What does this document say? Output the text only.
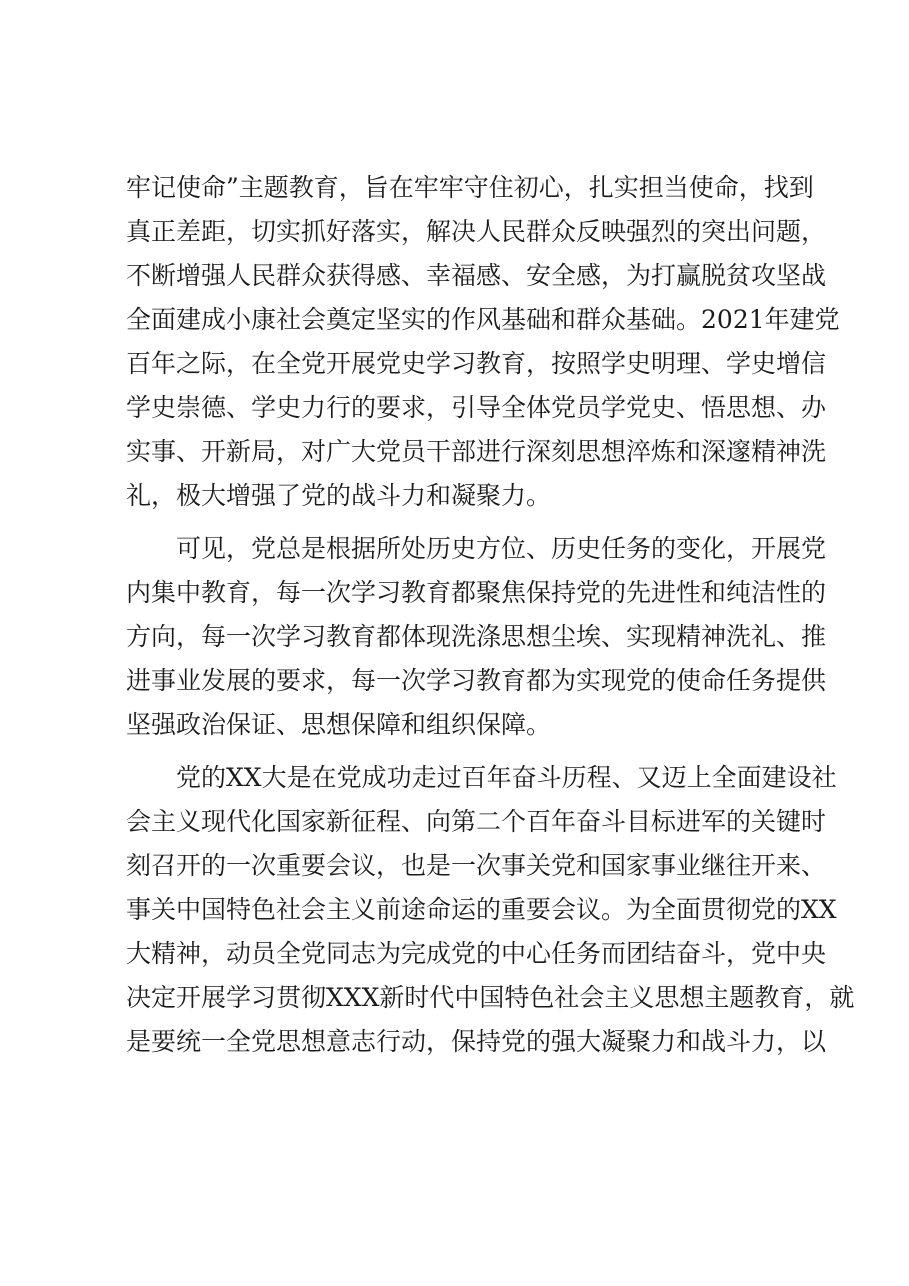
牢记使命”主题教育，旨在牢牢守住初心，扎实担当使命，找到
真正差距，切实抓好落实，解决人民群众反映强烈的突出问题，
不断增强人民群众获得感、幸福感、安全感，为打赢脱贫攻坚战
全面建成小康社会奠定坚实的作风基础和群众基础。2021年建党
百年之际，在全党开展党史学习教育，按照学史明理、学史增信
学史崇德、学史力行的要求，引导全体党员学党史、悟思想、办
实事、开新局，对广大党员干部进行深刻思想淬炼和深邃精神洗
礼，极大增强了党的战斗力和凝聚力。
可见，党总是根据所处历史方位、历史任务的变化，开展党
内集中教育，每一次学习教育都聚焦保持党的先进性和纯洁性的
方向，每一次学习教育都体现洗涤思想尘埃、实现精神洗礼、推
进事业发展的要求，每一次学习教育都为实现党的使命任务提供
坚强政治保证、思想保障和组织保障。
党的XX大是在党成功走过百年奋斗历程、又迈上全面建设社
会主义现代化国家新征程、向第二个百年奋斗目标进军的关键时
刻召开的一次重要会议，也是一次事关党和国家事业继往开来、
事关中国特色社会主义前途命运的重要会议。为全面贯彻党的XX
大精神，动员全党同志为完成党的中心任务而团结奋斗，党中央
决定开展学习贯彻XXX新时代中国特色社会主义思想主题教育，就
是要统一全党思想意志行动，保持党的强大凝聚力和战斗力，以
